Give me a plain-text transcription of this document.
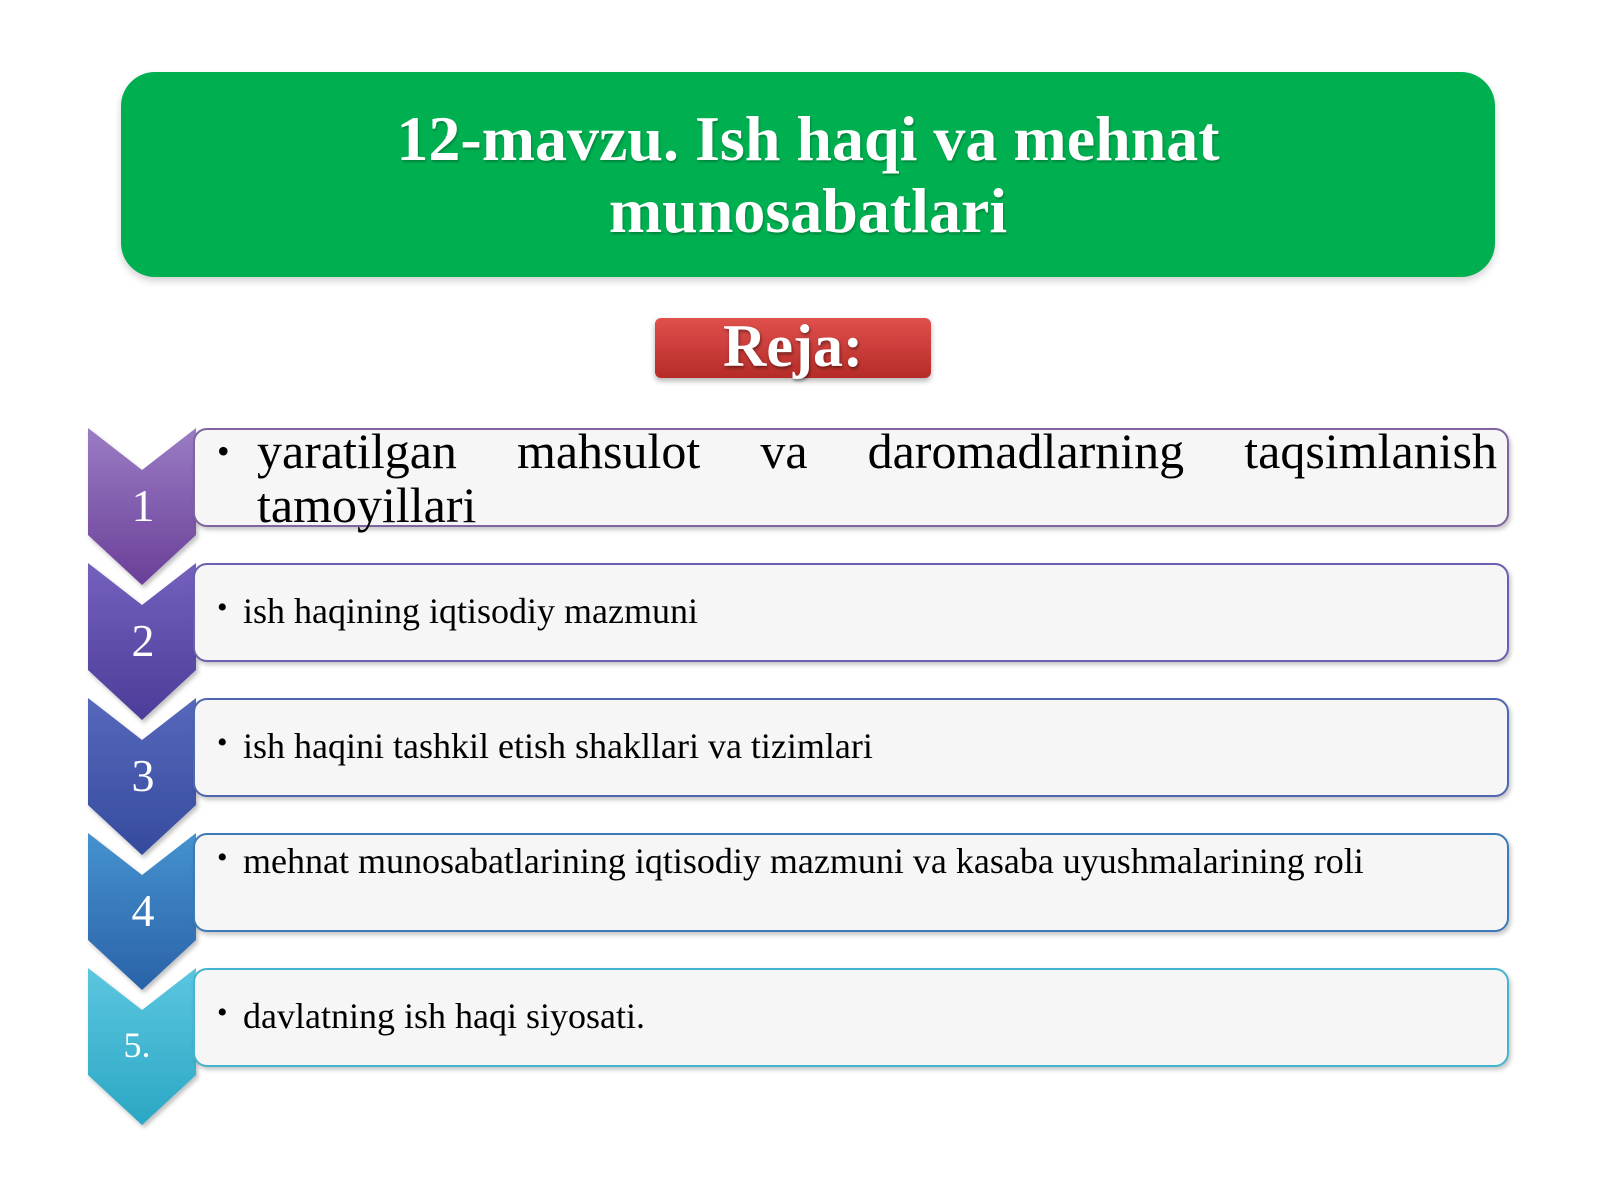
12-mavzu. Ish haqi va mehnat
munosabatlari
Reja:
1
2
3
4
5.
• yaratilgan mahsulot va daromadlarning taqsimlanish tamoyillari
• ish haqining iqtisodiy mazmuni
• ish haqini tashkil etish shakllari va tizimlari
• mehnat munosabatlarining iqtisodiy mazmuni va kasaba uyushmalarining roli
• davlatning ish haqi siyosati.
